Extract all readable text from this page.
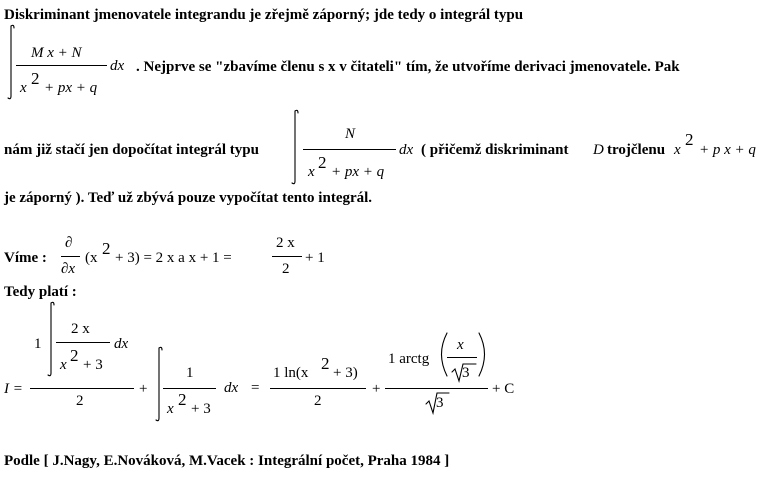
Diskriminant jmenovatele integrandu je zřejmě záporný; jde tedy o integrál typu
M x + N
x 2 + px + q
dx . Nejprve se "zbavíme členu s x v čitateli" tím, že utvoříme derivaci jmenovatele. Pak
nám již stačí jen dopočítat integrál typu
N
x 2 + px + q
dx ( přičemž diskriminant D trojčlenu x
2
+ p x + q
je záporný ). Teď už zbývá pouze vypočítat tento integrál.
Víme :
∂
∂x
(x 2 + 3) = 2 x a x + 1 =
2 x
2
+ 1
Tedy platí :
I =
1
2 x
x 2 + 3
dx
2
+
1
x 2 + 3
dx =
1 ln(x 2 + 3)
2
+
1 arctg
x
3
3
+ C
Podle [ J.Nagy, E.Nováková, M.Vacek : Integrální počet, Praha 1984 ]
